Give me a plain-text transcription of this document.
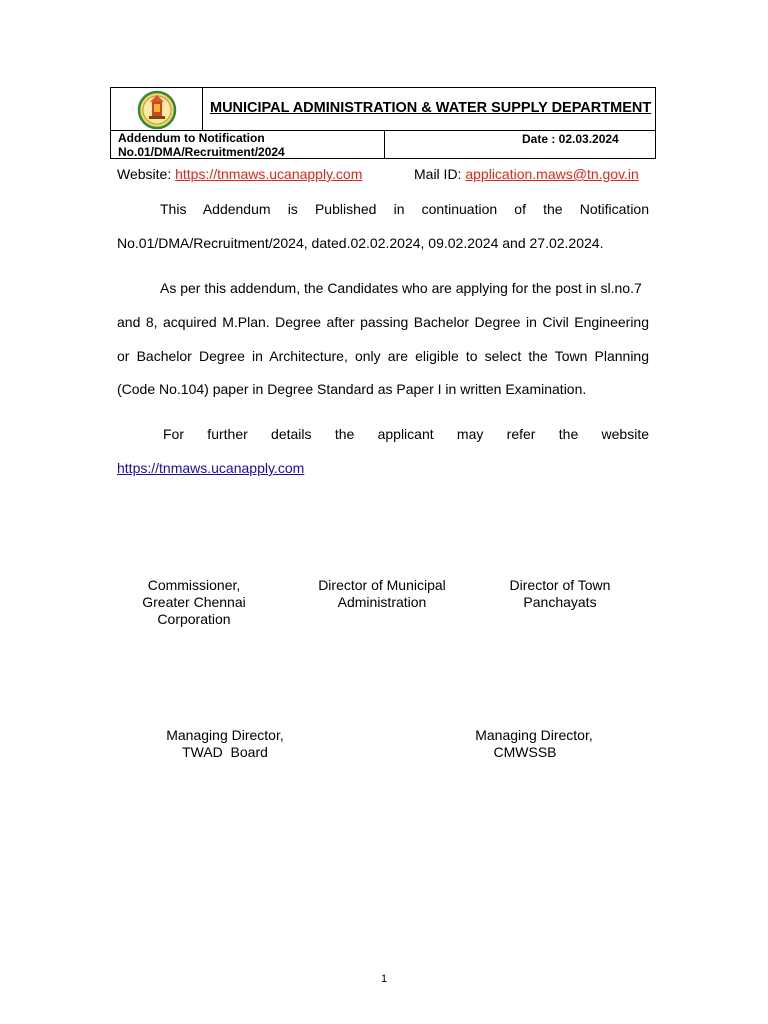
MUNICIPAL ADMINISTRATION & WATER SUPPLY DEPARTMENT
Addendum to Notification
No.01/DMA/Recruitment/2024
Date : 02.03.2024
Website: https://tnmaws.ucanapply.com	Mail ID: application.maws@tn.gov.in
This Addendum is Published in continuation of the Notification
No.01/DMA/Recruitment/2024, dated.02.02.2024, 09.02.2024 and 27.02.2024.
As per this addendum, the Candidates who are applying for the post in sl.no.7
and 8, acquired M.Plan. Degree after passing Bachelor Degree in Civil Engineering
or Bachelor Degree in Architecture, only are eligible to select the Town Planning
(Code No.104) paper in Degree Standard as Paper I in written Examination.
For further details the applicant may refer the website
https://tnmaws.ucanapply.com
Commissioner,
Greater Chennai
Corporation
Director of Municipal
Administration
Director of Town
Panchayats
Managing Director,
TWAD  Board
Managing Director,
CMWSSB
1
